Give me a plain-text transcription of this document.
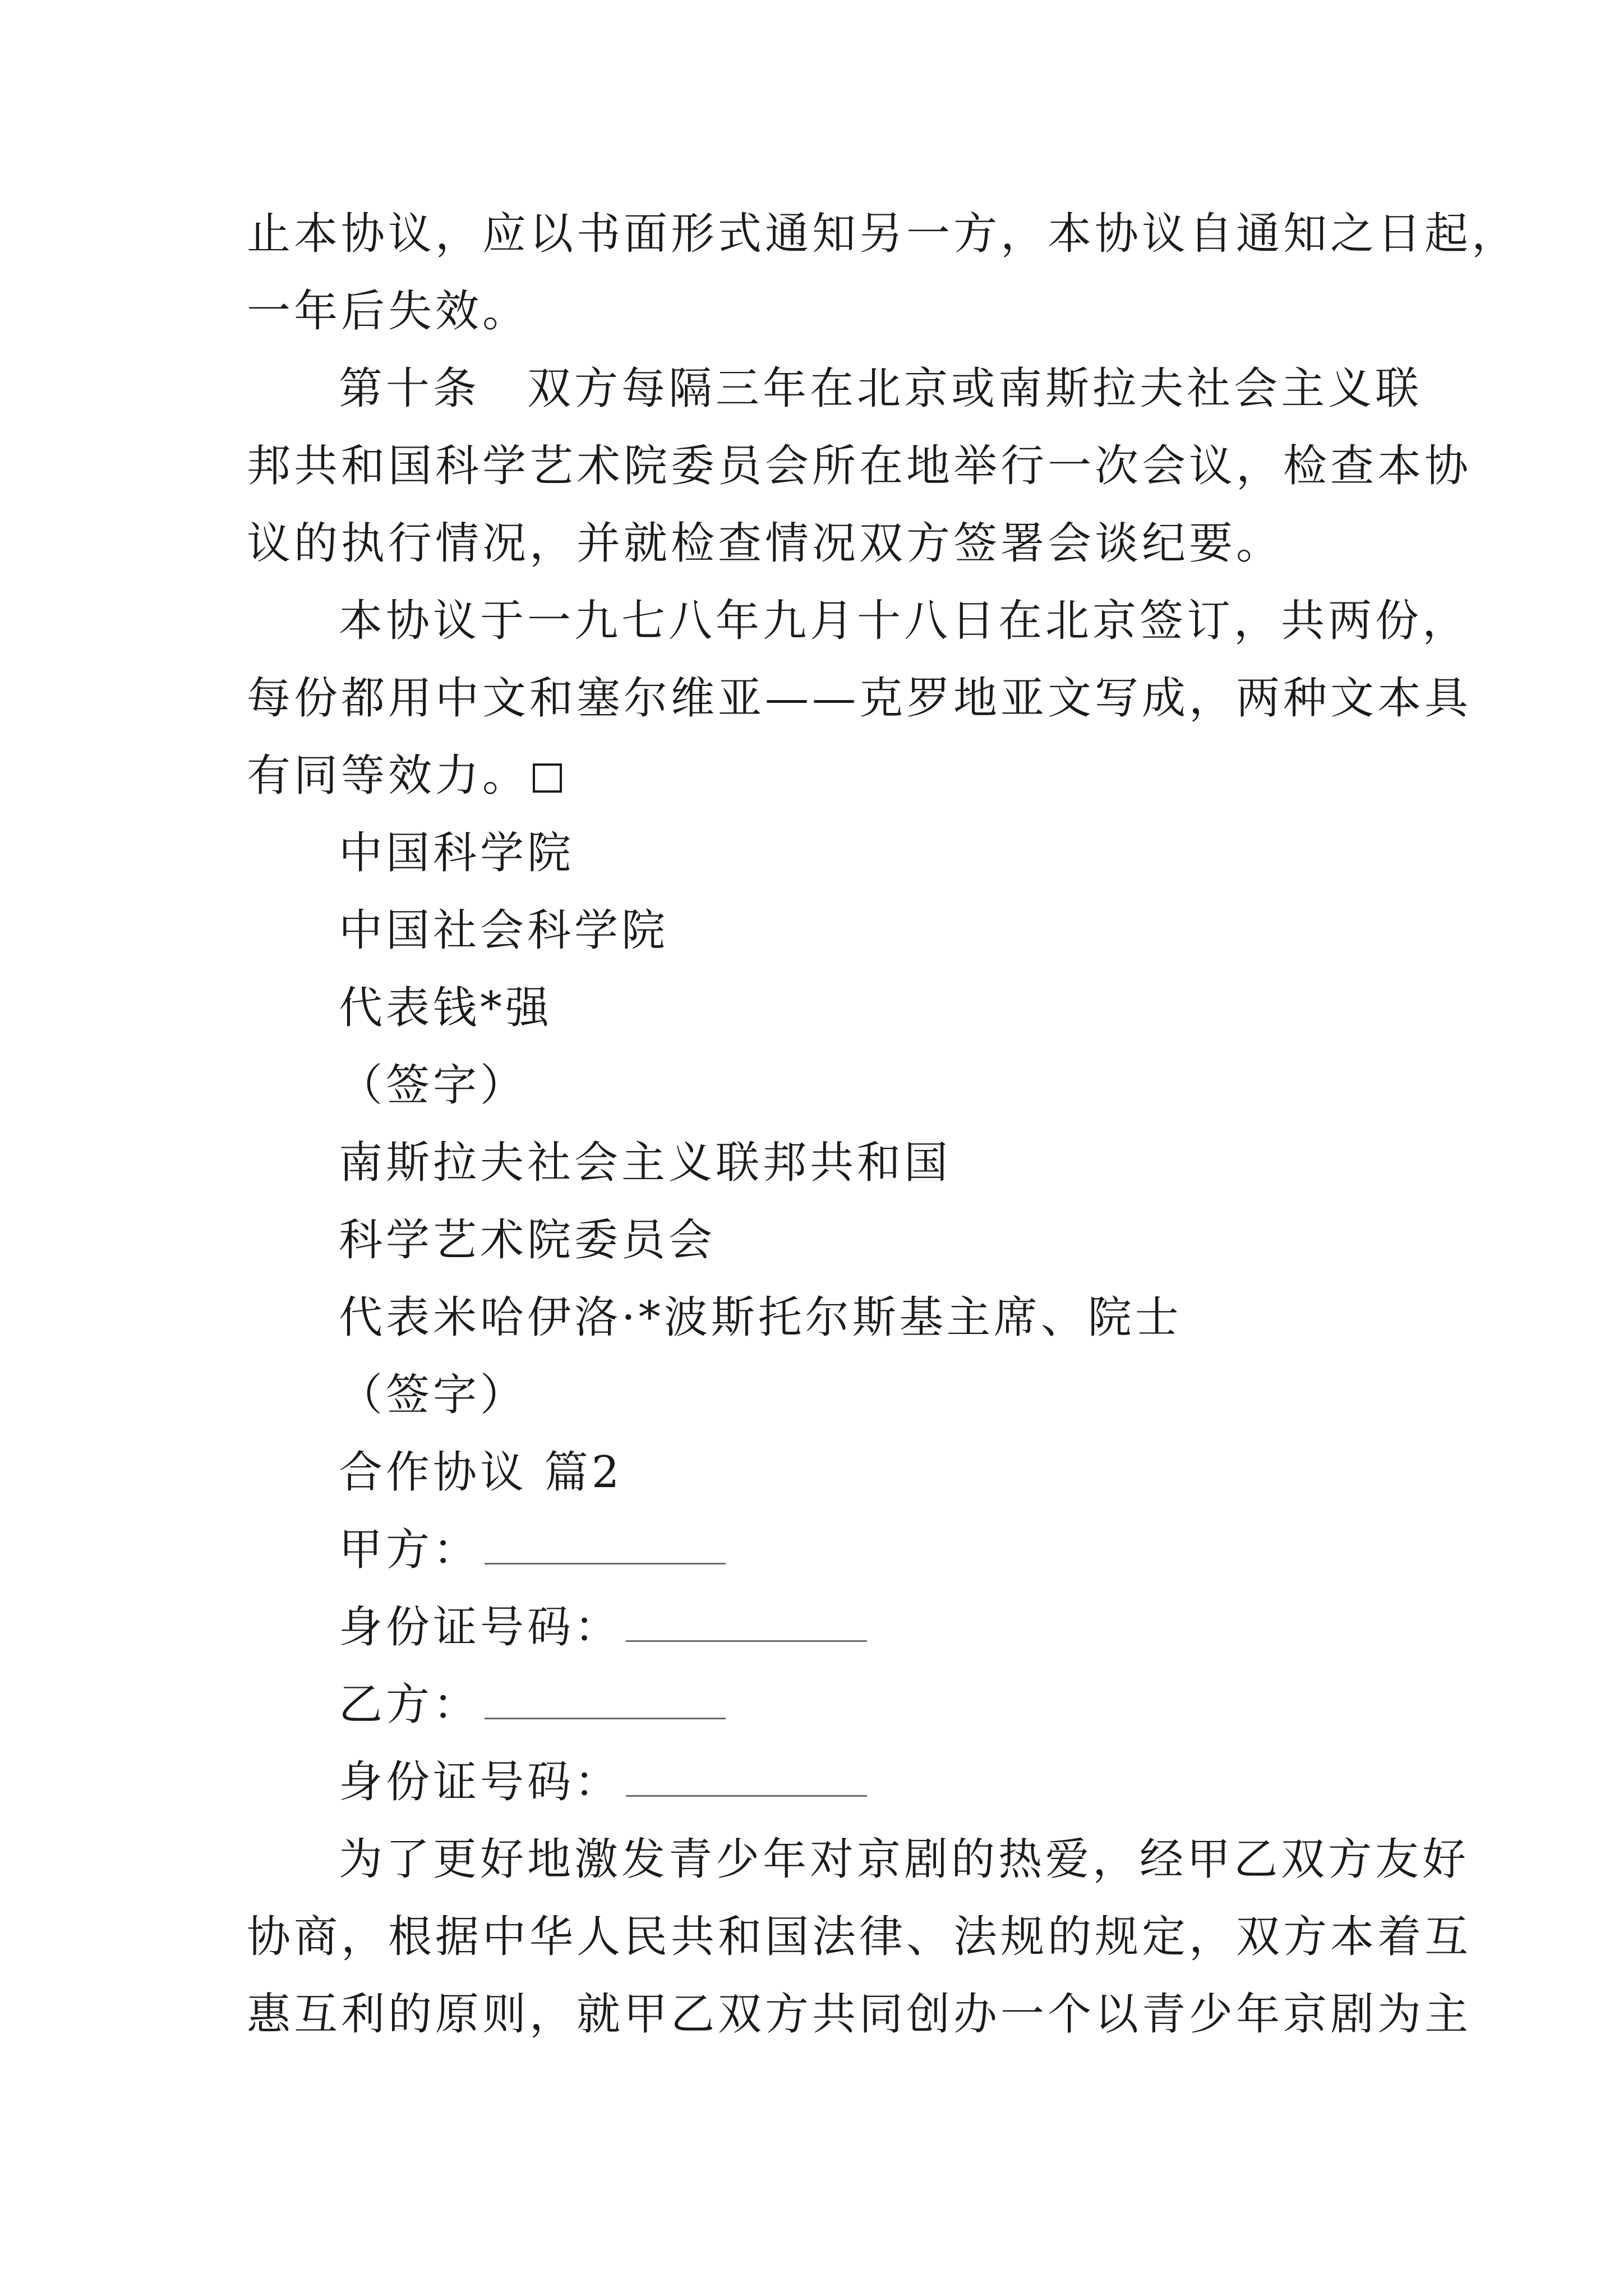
止本协议，应以书面形式通知另一方，本协议自通知之日起，
一年后失效。
第十条　双方每隔三年在北京或南斯拉夫社会主义联
邦共和国科学艺术院委员会所在地举行一次会议，检查本协
议的执行情况，并就检查情况双方签署会谈纪要。
本协议于一九七八年九月十八日在北京签订，共两份，
每份都用中文和塞尔维亚——克罗地亚文写成，两种文本具
有同等效力。
中国科学院
中国社会科学院
代表钱*强
（签字）
南斯拉夫社会主义联邦共和国
科学艺术院委员会
代表米哈伊洛·*波斯托尔斯基主席、院士
（签字）
合作协议 篇2
甲方：
身份证号码：
乙方：
身份证号码：
为了更好地激发青少年对京剧的热爱，经甲乙双方友好
协商，根据中华人民共和国法律、法规的规定，双方本着互
惠互利的原则，就甲乙双方共同创办一个以青少年京剧为主
